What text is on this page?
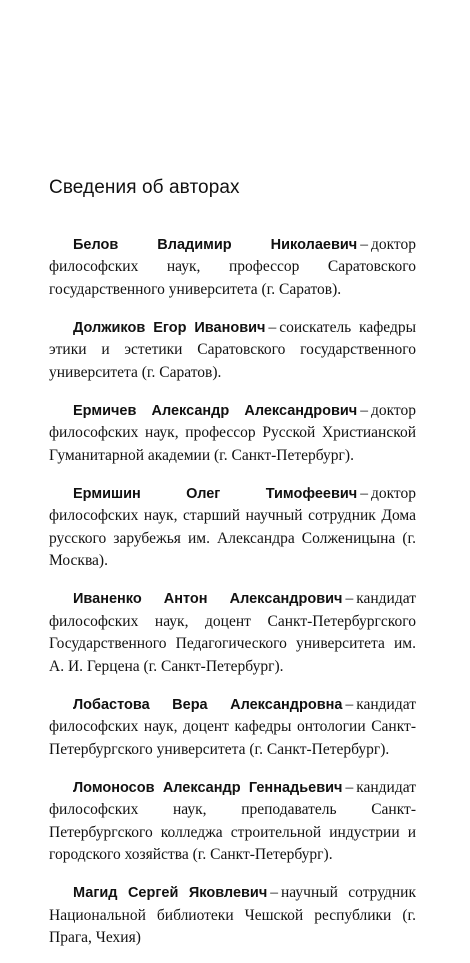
Сведения об авторах

Белов Владимир Николаевич – доктор философских наук, профессор Саратовского государственного университета (г. Саратов).

Должиков Егор Иванович – соискатель кафедры этики и эстетики Саратовского государственного университета (г. Саратов).

Ермичев Александр Александрович – доктор философских наук, профессор Русской Христианской Гуманитарной академии (г. Санкт-Петербург).

Ермишин Олег Тимофеевич – доктор философских наук, старший научный сотрудник Дома русского зарубежья им. Александра Солженицына (г. Москва).

Иваненко Антон Александрович – кандидат философских наук, доцент Санкт-Петербургского Государственного Педагогического университета им. А. И. Герцена (г. Санкт-Петербург).

Лобастова Вера Александровна – кандидат философских наук, доцент кафедры онтологии Санкт-Петербургского университета (г. Санкт-Петербург).

Ломоносов Александр Геннадьевич – кандидат философских наук, преподаватель Санкт-Петербургского колледжа строительной индустрии и городского хозяйства (г. Санкт-Петербург).

Магид Сергей Яковлевич – научный сотрудник Национальной библиотеки Чешской республики (г. Прага, Чехия)
